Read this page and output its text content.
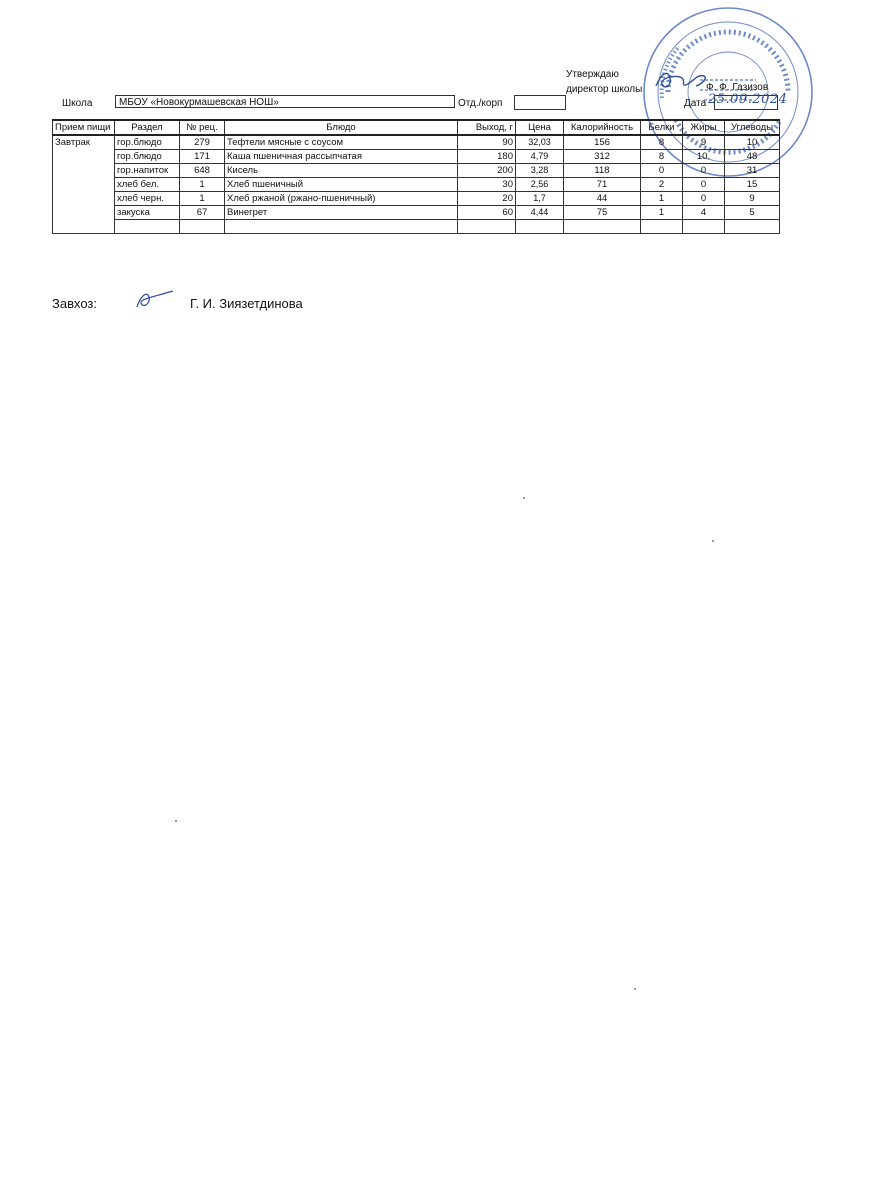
Утверждаю
директор школы	Ф. Ф. Газизов
Дата 25.09.2024
Школа	МБОУ «Новокурмашевская НОШ»	Отд./корп
Прием пищи	Раздел	№ рец.	Блюдо	Выход, г	Цена	Калорийность	Белки	Жиры	Углеводы
Завтрак	гор.блюдо	279	Тефтели мясные с соусом	90	32,03	156	8	9	10
	гор.блюдо	171	Каша пшеничная рассыпчатая	180	4,79	312	8	10.	48
	гор.напиток	648	Кисель	200	3,28	118	0	0	31
	хлеб бел.	1	Хлеб пшеничный	30	2,56	71	2	0	15
	хлеб черн.	1	Хлеб ржаной (ржано-пшеничный)	20	1,7	44	1	0	9
	закуска	67	Винегрет	60	4,44	75	1	4	5

Завхоз:	Г. И. Зиязетдинова
